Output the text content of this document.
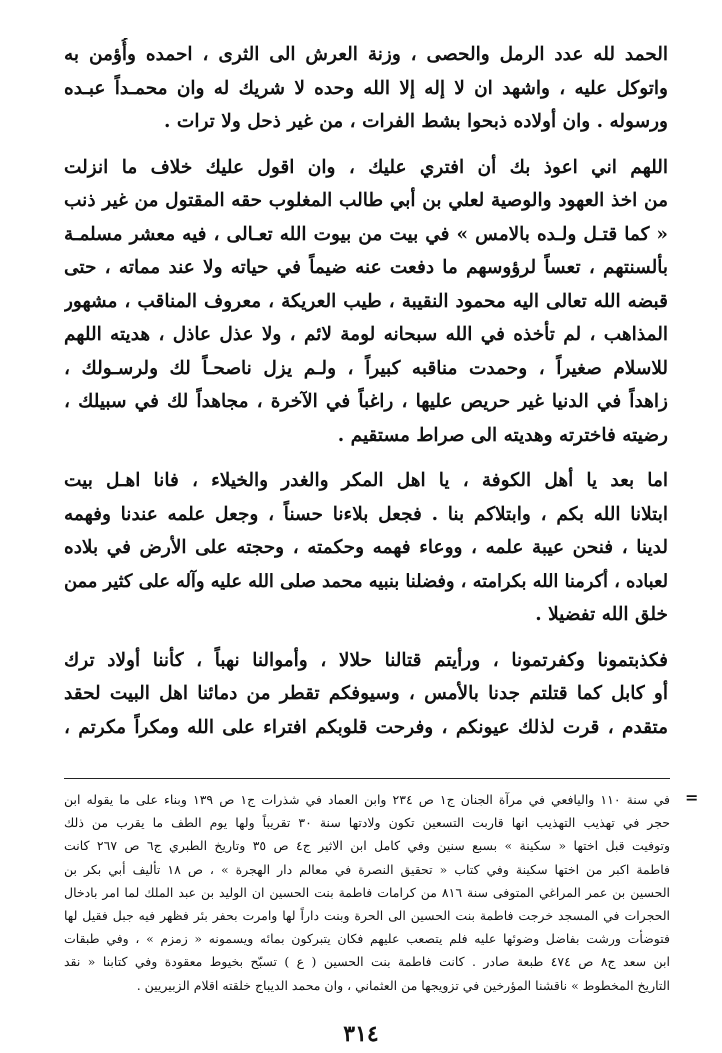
الحمد لله عدد الرمل والحصى ، وزنة العرش الى الثرى ، احمده وأُؤمن به
واتوكل عليه ، واشهد ان لا إله إلا الله وحده لا شريك له وان محمـداً عبـده
ورسوله . وان أولاده ذبحوا بشط الفرات ، من غير ذحل ولا ترات .
اللهم اني اعوذ بك أن افتري عليك ، وان اقول عليك خلاف ما انزلت
من اخذ العهود والوصية لعلي بن أبي طالب المغلوب حقه المقتول من غير ذنب
« كما قتـل ولـده بالامس » في بيت من بيوت الله تعـالى ، فيه معشر مسلمـة
بألسنتهم ، تعساً لرؤوسهم ما دفعت عنه ضيماً في حياته ولا عند مماته ، حتى
قبضه الله تعالى اليه محمود النقيبة ، طيب العريكة ، معروف المناقب ، مشهور
المذاهب ، لم تأخذه في الله سبحانه لومة لائم ، ولا عذل عاذل ، هديته اللهم
للاسلام صغيراً ، وحمدت مناقبه كبيراً ، ولـم يزل ناصحـاً لك ولرسـولك ،
زاهداً في الدنيا غير حريص عليها ، راغباً في الآخرة ، مجاهداً لك في سبيلك ،
رضيته فاخترته وهديته الى صراط مستقيم .
اما بعد يا أهل الكوفة ، يا اهل المكر والغدر والخيلاء ، فانا اهـل بيت
ابتلانا الله بكم ، وابتلاكم بنا . فجعل بلاءنا حسناً ، وجعل علمه عندنا وفهمه
لدينا ، فنحن عيبة علمه ، ووعاء فهمه وحكمته ، وحجته على الأرض في بلاده
لعباده ، أكرمنا الله بكرامته ، وفضلنا بنبيه محمد صلى الله عليه وآله على كثير ممن
خلق الله تفضيلا .
فكذبتمونا وكفرتمونا ، ورأيتم قتالنا حلالا ، وأموالنا نهباً ، كأننا أولاد ترك
أو كابل كما قتلتم جدنا بالأمس ، وسيوفكم تقطر من دمائنا اهل البيت لحقد
متقدم ، قرت لذلك عيونكم ، وفرحت قلوبكم افتراء على الله ومكراً مكرتم ،
=
في سنة ١١٠ واليافعي في مرآة الجنان ج١ ص ٢٣٤ وابن العماد في شذرات ج١ ص ١٣٩ وبناء على ما يقوله ابن
حجر في تهذيب التهذيب انها قاربت التسعين تكون ولادتها سنة ٣٠ تقريباً ولها يوم الطف ما يقرب من ذلك
وتوفيت قبل اختها « سكينة » بسبع سنين وفي كامل ابن الاثير ج٤ ص ٣٥ وتاريخ الطبري ج٦ ص ٢٦٧ كانت
فاطمة اكبر من اختها سكينة وفي كتاب « تحقيق النصرة في معالم دار الهجرة » ، ص ١٨ تأليف أبي بكر بن
الحسين بن عمر المراغي المتوفى سنة ٨١٦ من كرامات فاطمة بنت الحسين ان الوليد بن عبد الملك لما امر بادخال
الحجرات في المسجد خرجت فاطمة بنت الحسين الى الحرة وبنت داراً لها وامرت بحفر بئر فظهر فيه جبل فقيل لها
فتوضأت ورشت بفاضل وضوئها عليه فلم يتصعب عليهم فكان يتبركون بمائه ويسمونه « زمزم » ، وفي طبقات
ابن سعد ج٨ ص ٤٧٤ طبعة صادر . كانت فاطمة بنت الحسين ( ع ) تسبّح بخيوط معقودة وفي كتابنا « نقد
التاريخ المخطوط » ناقشنا المؤرخين في تزويجها من العثماني ، وان محمد الديباج خلقته اقلام الزبيريين .
٣١٤
